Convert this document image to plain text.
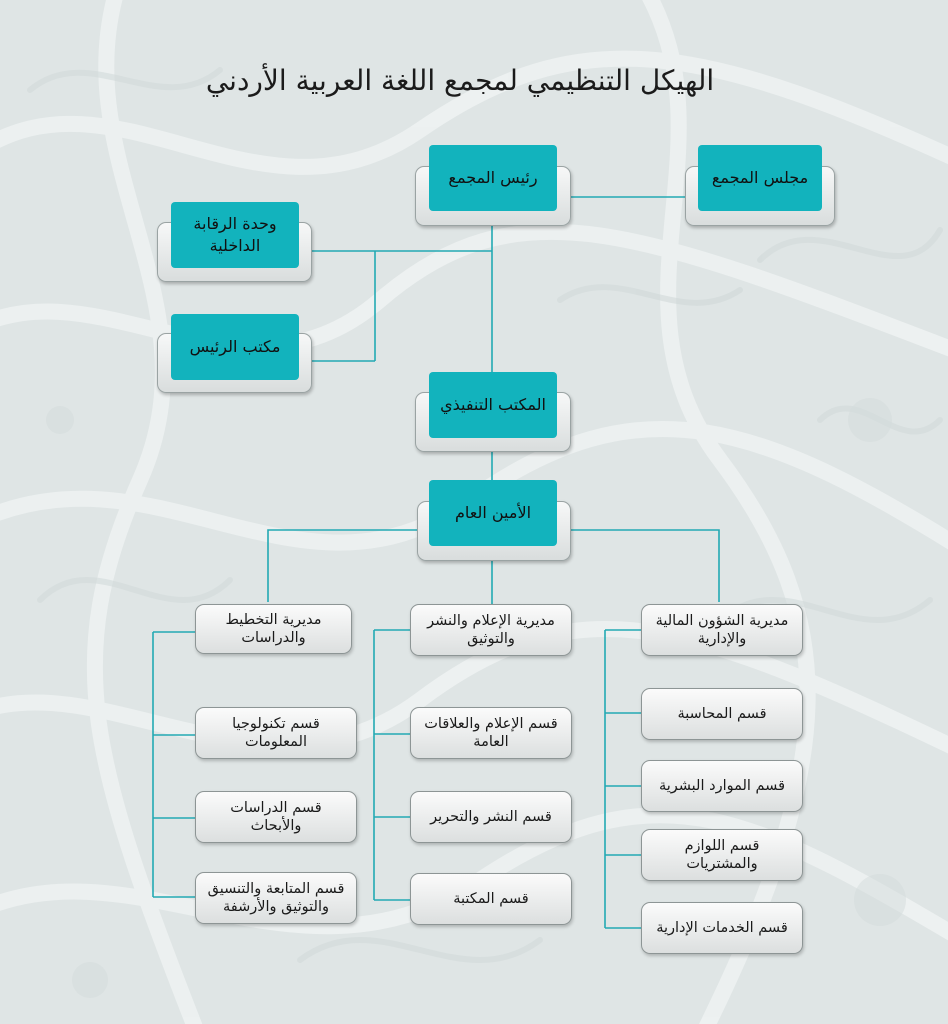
الهيكل التنظيمي لمجمع اللغة العربية الأردني
رئيس المجمع	مجلس المجمع
وحدة الرقابة الداخلية
مكتب الرئيس
المكتب التنفيذي
الأمين العام
مديرية التخطيط والدراسات
قسم تكنولوجيا المعلومات
قسم الدراسات والأبحاث
قسم المتابعة والتنسيق والتوثيق والأرشفة
مديرية الإعلام والنشر والتوثيق
قسم الإعلام والعلاقات العامة
قسم النشر والتحرير
قسم المكتبة
مديرية الشؤون المالية والإدارية
قسم المحاسبة
قسم الموارد البشرية
قسم اللوازم والمشتريات
قسم الخدمات الإدارية
